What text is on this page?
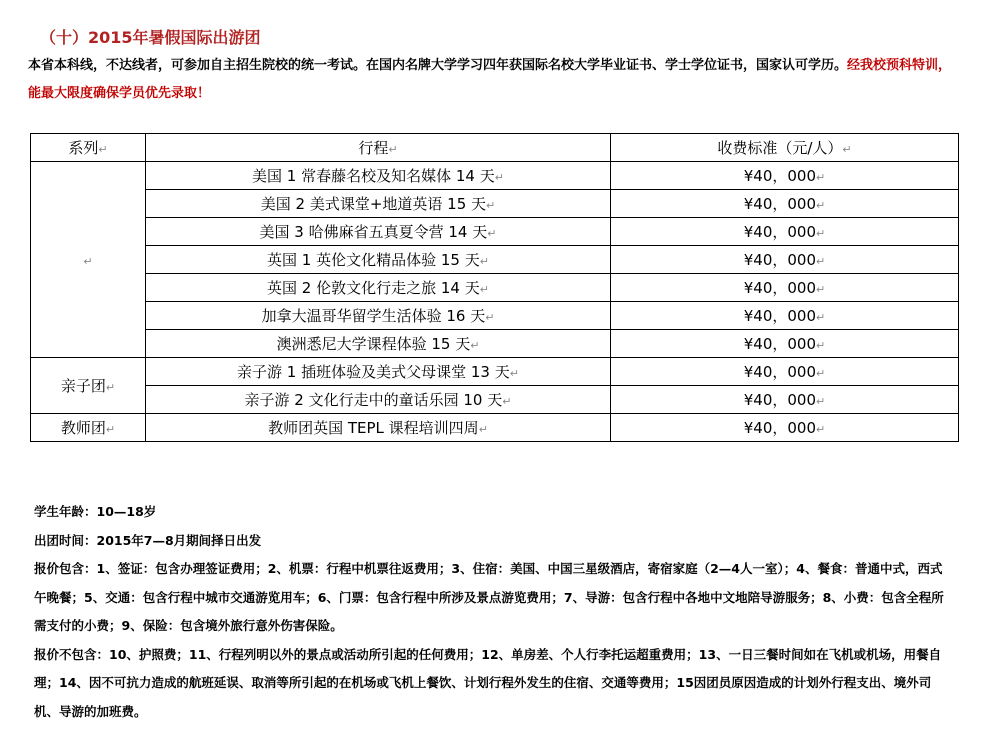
（十）2015年暑假国际出游团
本省本科线，不达线者，可参加自主招生院校的统一考试。在国内名牌大学学习四年获国际名校大学毕业证书、学士学位证书，国家认可学历。经我校预科特训，能最大限度确保学员优先录取！
系列↵	行程↵	收费标准（元/人）↵
↵	美国 1 常春藤名校及知名媒体 14 天↵	¥40，000↵
	美国 2 美式课堂+地道英语 15 天↵	¥40，000↵
	美国 3 哈佛麻省五真夏令营 14 天↵	¥40，000↵
	英国 1 英伦文化精品体验 15 天↵	¥40，000↵
	英国 2 伦敦文化行走之旅 14 天↵	¥40，000↵
	加拿大温哥华留学生活体验 16 天↵	¥40，000↵
	澳洲悉尼大学课程体验 15 天↵	¥40，000↵
亲子团↵	亲子游 1 插班体验及美式父母课堂 13 天↵	¥40，000↵
	亲子游 2 文化行走中的童话乐园 10 天↵	¥40，000↵
教师团↵	教师团英国 TEPL 课程培训四周↵	¥40，000↵

学生年龄：10—18岁

出团时间：2015年7—8月期间择日出发

报价包含：1、签证：包含办理签证费用；2、机票：行程中机票往返费用；3、住宿：美国、中国三星级酒店，寄宿家庭（2—4人一室）；4、餐食：普通中式，西式午晚餐；5、交通：包含行程中城市交通游览用车；6、门票：包含行程中所涉及景点游览费用；7、导游：包含行程中各地中文地陪导游服务；8、小费：包含全程所需支付的小费；9、保险：包含境外旅行意外伤害保险。

报价不包含：10、护照费；11、行程列明以外的景点或活动所引起的任何费用；12、单房差、个人行李托运超重费用；13、一日三餐时间如在飞机或机场，用餐自理；14、因不可抗力造成的航班延误、取消等所引起的在机场或飞机上餐饮、计划行程外发生的住宿、交通等费用；15因团员原因造成的计划外行程支出、境外司机、导游的加班费。
